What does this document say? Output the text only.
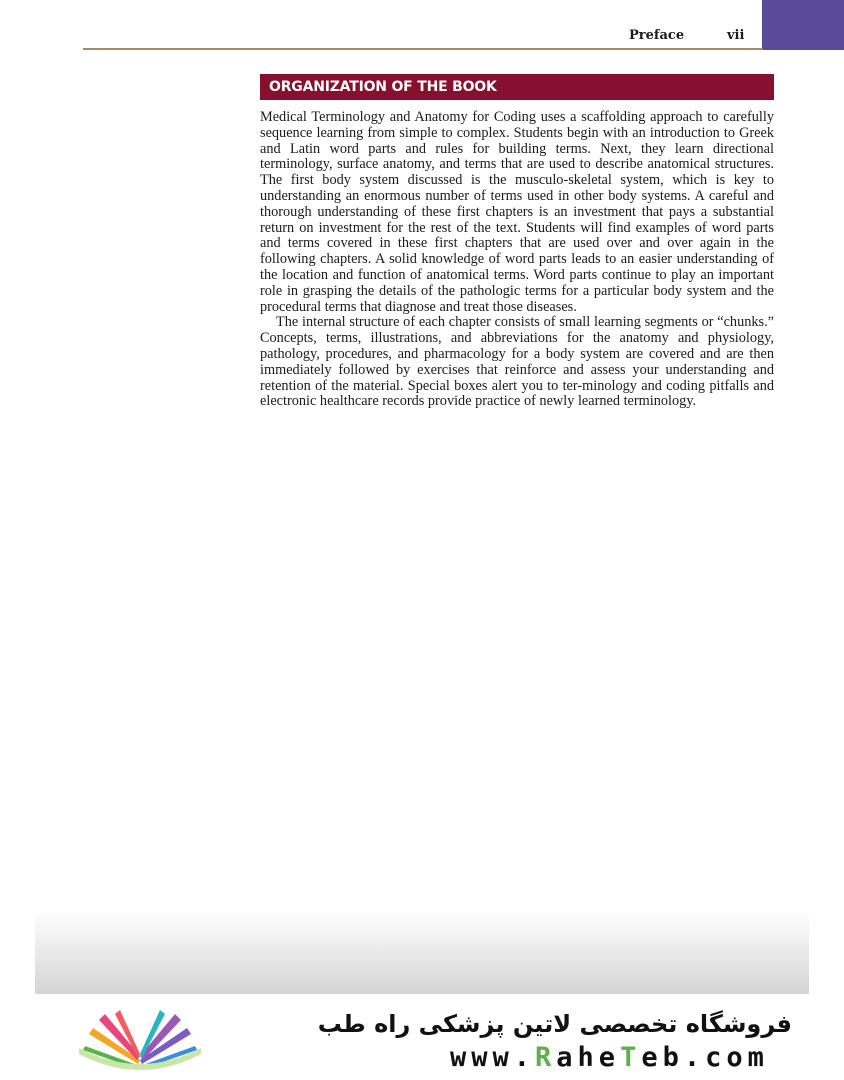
Preface	vii
ORGANIZATION OF THE BOOK

Medical Terminology and Anatomy for Coding uses a scaffolding approach to carefully sequence learning from simple to complex. Students begin with an introduction to Greek and Latin word parts and rules for building terms. Next, they learn directional terminology, surface anatomy, and terms that are used to describe anatomical structures. The first body system discussed is the musculo-skeletal system, which is key to understanding an enormous number of terms used in other body systems. A careful and thorough understanding of these first chapters is an investment that pays a substantial return on investment for the rest of the text. Students will find examples of word parts and terms covered in these first chapters that are used over and over again in the following chapters. A solid knowledge of word parts leads to an easier understanding of the location and function of anatomical terms. Word parts continue to play an important role in grasping the details of the pathologic terms for a particular body system and the procedural terms that diagnose and treat those diseases.

The internal structure of each chapter consists of small learning segments or “chunks.” Concepts, terms, illustrations, and abbreviations for the anatomy and physiology, pathology, procedures, and pharmacology for a body system are covered and are then immediately followed by exercises that reinforce and assess your understanding and retention of the material. Special boxes alert you to ter-minology and coding pitfalls and electronic healthcare records provide practice of newly learned terminology.

فروشگاه تخصصی لاتین پزشکی راه طب
www.RaheTeb.com
